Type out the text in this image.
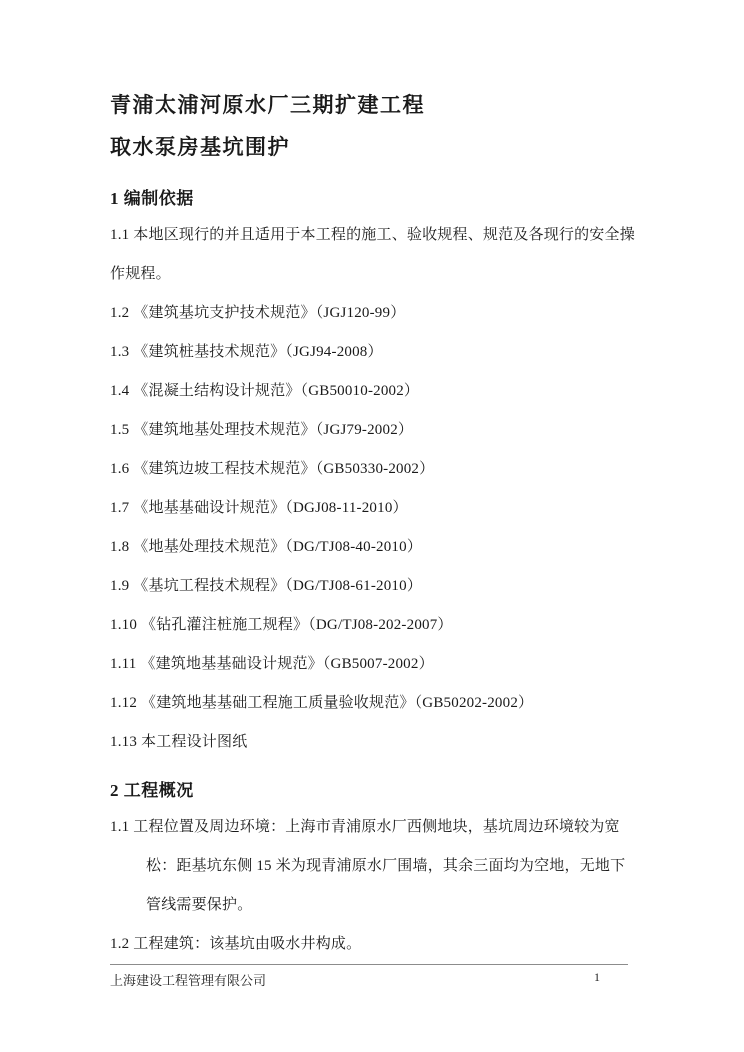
青浦太浦河原水厂三期扩建工程
取水泵房基坑围护
1 编制依据

1.1 本地区现行的并且适用于本工程的施工、验收规程、规范及各现行的安全操作规程。

1.2 《建筑基坑支护技术规范》（JGJ120-99）

1.3 《建筑桩基技术规范》（JGJ94-2008）

1.4 《混凝土结构设计规范》（GB50010-2002）

1.5 《建筑地基处理技术规范》（JGJ79-2002）

1.6 《建筑边坡工程技术规范》（GB50330-2002）

1.7 《地基基础设计规范》（DGJ08-11-2010）

1.8 《地基处理技术规范》（DG/TJ08-40-2010）

1.9 《基坑工程技术规程》（DG/TJ08-61-2010）

1.10 《钻孔灌注桩施工规程》（DG/TJ08-202-2007）

1.11 《建筑地基基础设计规范》（GB5007-2002）

1.12 《建筑地基基础工程施工质量验收规范》（GB50202-2002）

1.13 本工程设计图纸

2 工程概况

1.1 工程位置及周边环境：上海市青浦原水厂西侧地块，基坑周边环境较为宽松：距基坑东侧 15 米为现青浦原水厂围墙，其余三面均为空地，无地下管线需要保护。

1.2 工程建筑：该基坑由吸水井构成。

上海建设工程管理有限公司	1
